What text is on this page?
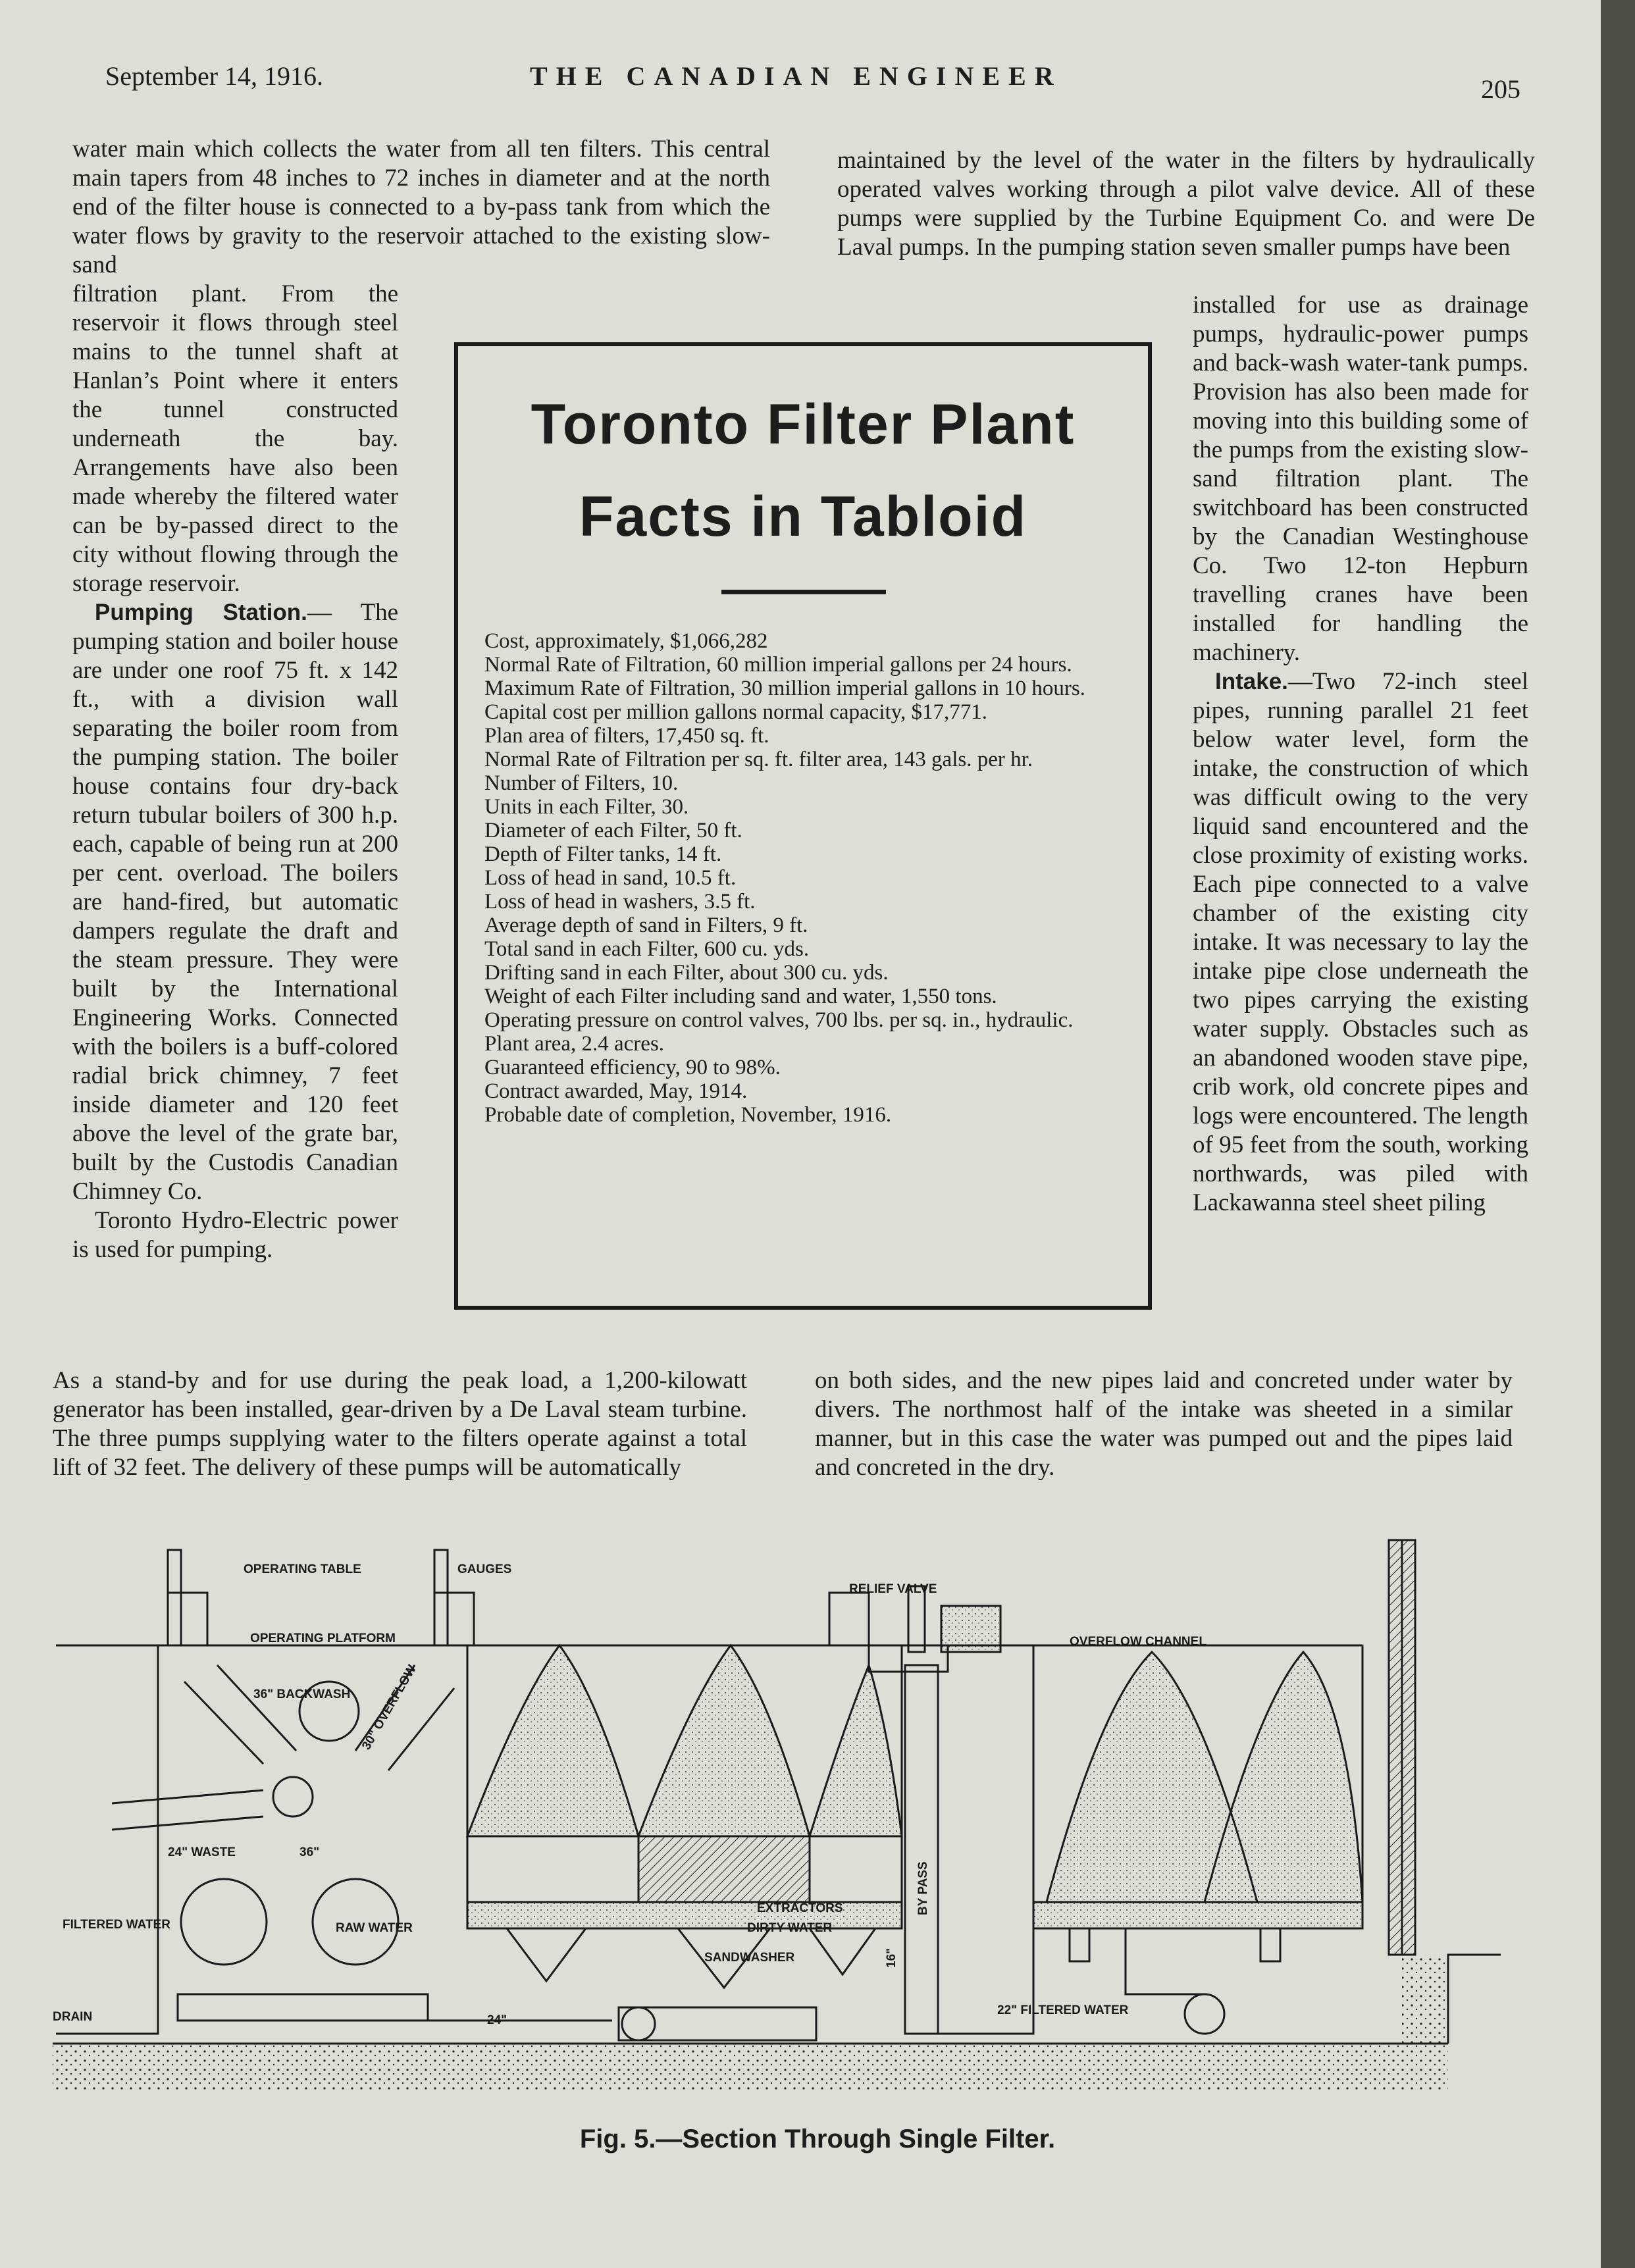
September 14, 1916.	THE CANADIAN ENGINEER	205

water main which collects the water from all ten filters. This central main tapers from 48 inches to 72 inches in diameter and at the north end of the filter house is connected to a by-pass tank from which the water flows by gravity to the reservoir attached to the existing slow-sand

filtration plant. From the reservoir it flows through steel mains to the tunnel shaft at Hanlan’s Point where it enters the tunnel constructed underneath the bay. Arrangements have also been made whereby the filtered water can be by-passed direct to the city without flowing through the storage reservoir.

Pumping Station.— The pumping station and boiler house are under one roof 75 ft. x 142 ft., with a division wall separating the boiler room from the pumping station. The boiler house contains four dry-back return tubular boilers of 300 h.p. each, capable of being run at 200 per cent. overload. The boilers are hand-fired, but automatic dampers regulate the draft and the steam pressure. They were built by the International Engineering Works. Connected with the boilers is a buff-colored radial brick chimney, 7 feet inside diameter and 120 feet above the level of the grate bar, built by the Custodis Canadian Chimney Co.

Toronto Hydro-Electric power is used for pumping.

As a stand-by and for use during the peak load, a 1,200-kilowatt generator has been installed, gear-driven by a De Laval steam turbine. The three pumps supplying water to the filters operate against a total lift of 32 feet. The delivery of these pumps will be automatically

maintained by the level of the water in the filters by hydraulically operated valves working through a pilot valve device. All of these pumps were supplied by the Turbine Equipment Co. and were De Laval pumps. In the pumping station seven smaller pumps have been

installed for use as drainage pumps, hydraulic-power pumps and back-wash water-tank pumps. Provision has also been made for moving into this building some of the pumps from the existing slow-sand filtration plant. The switchboard has been constructed by the Canadian Westinghouse Co. Two 12-ton Hepburn travelling cranes have been installed for handling the machinery.

Intake.—Two 72-inch steel pipes, running parallel 21 feet below water level, form the intake, the construction of which was difficult owing to the very liquid sand encountered and the close proximity of existing works. Each pipe connected to a valve chamber of the existing city intake. It was necessary to lay the intake pipe close underneath the two pipes carrying the existing water supply. Obstacles such as an abandoned wooden stave pipe, crib work, old concrete pipes and logs were encountered. The length of 95 feet from the south, working northwards, was piled with Lackawanna steel sheet piling

on both sides, and the new pipes laid and concreted under water by divers. The northmost half of the intake was sheeted in a similar manner, but in this case the water was pumped out and the pipes laid and concreted in the dry.

Toronto Filter Plant
Facts in Tabloid
Cost, approximately, $1,066,282
Normal Rate of Filtration, 60 million imperial gallons per 24 hours.
Maximum Rate of Filtration, 30 million imperial gallons in 10 hours.
Capital cost per million gallons normal capacity, $17,771.
Plan area of filters, 17,450 sq. ft.
Normal Rate of Filtration per sq. ft. filter area, 143 gals. per hr.
Number of Filters, 10.
Units in each Filter, 30.
Diameter of each Filter, 50 ft.
Depth of Filter tanks, 14 ft.
Loss of head in sand, 10.5 ft.
Loss of head in washers, 3.5 ft.
Average depth of sand in Filters, 9 ft.
Total sand in each Filter, 600 cu. yds.
Drifting sand in each Filter, about 300 cu. yds.
Weight of each Filter including sand and water, 1,550 tons.
Operating pressure on control valves, 700 lbs. per sq. in., hydraulic.
Plant area, 2.4 acres.
Guaranteed efficiency, 90 to 98%.
Contract awarded, May, 1914.
Probable date of completion, November, 1916.
OPERATING TABLE	GAUGES
OPERATING PLATFORM
36" BACKWASH 30" OVERFLOW
24" WASTE	36"
FILTERED WATER	RAW WATER
DRAIN	24"
RELIEF VALVE
OVERFLOW CHANNEL
EXTRACTORS
DIRTY WATER
SANDWASHER
BY PASS
16"
22" FILTERED WATER
Fig. 5.—Section Through Single Filter.
